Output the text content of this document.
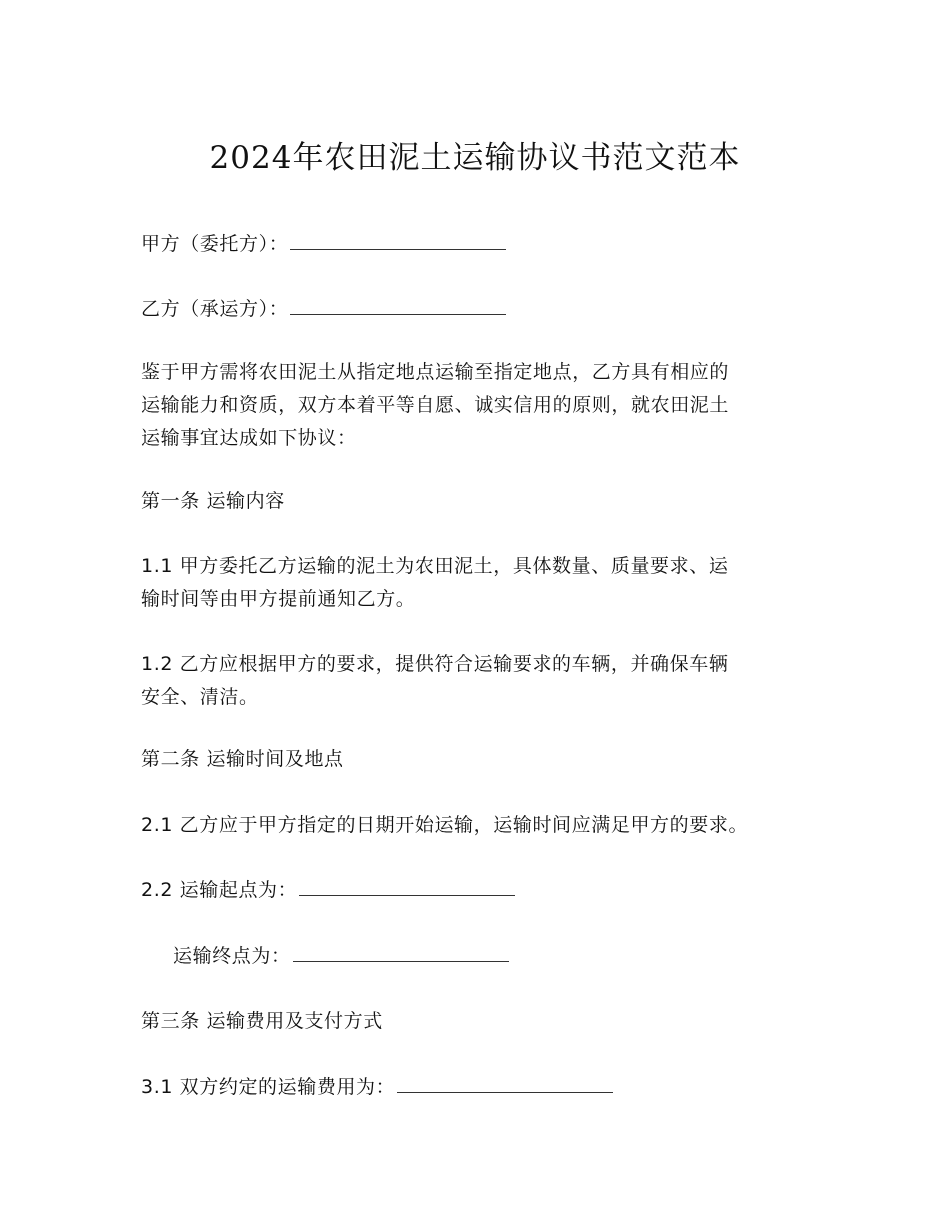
2024年农田泥土运输协议书范文范本
甲方（委托方）：
乙方（承运方）：
鉴于甲方需将农田泥土从指定地点运输至指定地点，乙方具有相应的
运输能力和资质，双方本着平等自愿、诚实信用的原则，就农田泥土
运输事宜达成如下协议：
第一条 运输内容
1.1 甲方委托乙方运输的泥土为农田泥土，具体数量、质量要求、运
输时间等由甲方提前通知乙方。
1.2 乙方应根据甲方的要求，提供符合运输要求的车辆，并确保车辆
安全、清洁。
第二条 运输时间及地点
2.1 乙方应于甲方指定的日期开始运输，运输时间应满足甲方的要求。
2.2 运输起点为：
运输终点为：
第三条 运输费用及支付方式
3.1 双方约定的运输费用为：
